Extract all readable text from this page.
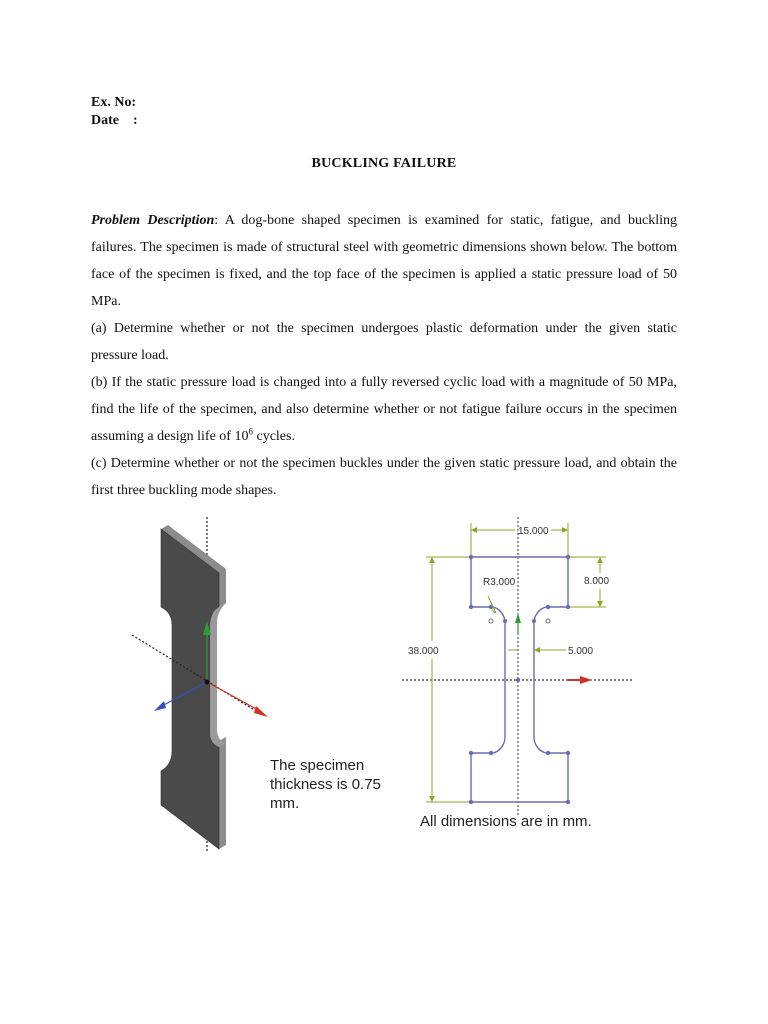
Ex. No:
Date    :
BUCKLING FAILURE

Problem Description: A dog-bone shaped specimen is examined for static, fatigue, and buckling failures. The specimen is made of structural steel with geometric dimensions shown below. The bottom face of the specimen is fixed, and the top face of the specimen is applied a static pressure load of 50 MPa.

(a) Determine whether or not the specimen undergoes plastic deformation under the given static pressure load.

(b) If the static pressure load is changed into a fully reversed cyclic load with a magnitude of 50 MPa, find the life of the specimen, and also determine whether or not fatigue failure occurs in the specimen assuming a design life of $10^6$ cycles.

(c) Determine whether or not the specimen buckles under the given static pressure load, and obtain the first three buckling mode shapes.

The specimen thickness is 0.75 mm.
15.000
R3.000	8.000
38.000	5.000
All dimensions are in mm.
